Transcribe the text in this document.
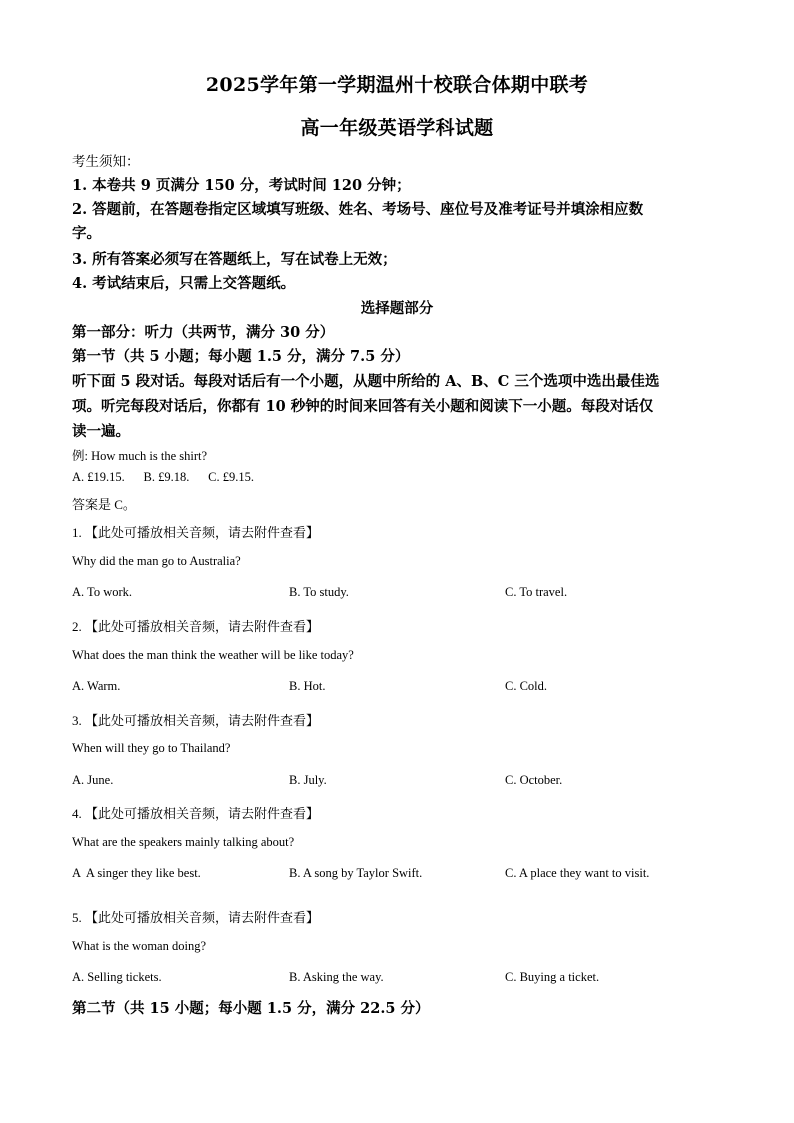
2025学年第一学期温州十校联合体期中联考
高一年级英语学科试题
考生须知：
1. 本卷共 9 页满分 150 分，考试时间 120 分钟；
2. 答题前，在答题卷指定区域填写班级、姓名、考场号、座位号及准考证号并填涂相应数
字。
3. 所有答案必须写在答题纸上，写在试卷上无效；
4. 考试结束后，只需上交答题纸。
选择题部分
第一部分：听力（共两节，满分 30 分）
第一节（共 5 小题；每小题 1.5 分，满分 7.5 分）
听下面 5 段对话。每段对话后有一个小题，从题中所给的 A、B、C 三个选项中选出最佳选
项。听完每段对话后，你都有 10 秒钟的时间来回答有关小题和阅读下一小题。每段对话仅
读一遍。
例: How much is the shirt?
A. £19.15.      B. £9.18.      C. £9.15.
答案是 C。
1. 【此处可播放相关音频，请去附件查看】
Why did the man go to Australia?
A. To work.	B. To study.	C. To travel.
2. 【此处可播放相关音频，请去附件查看】
What does the man think the weather will be like today?
A. Warm.	B. Hot.	C. Cold.
3. 【此处可播放相关音频，请去附件查看】
When will they go to Thailand?
A. June.	B. July.	C. October.
4. 【此处可播放相关音频，请去附件查看】
What are the speakers mainly talking about?
A  A singer they like best.	B. A song by Taylor Swift.	C. A place they want to visit.
5. 【此处可播放相关音频，请去附件查看】
What is the woman doing?
A. Selling tickets.	B. Asking the way.	C. Buying a ticket.
第二节（共 15 小题；每小题 1.5 分，满分 22.5 分）
